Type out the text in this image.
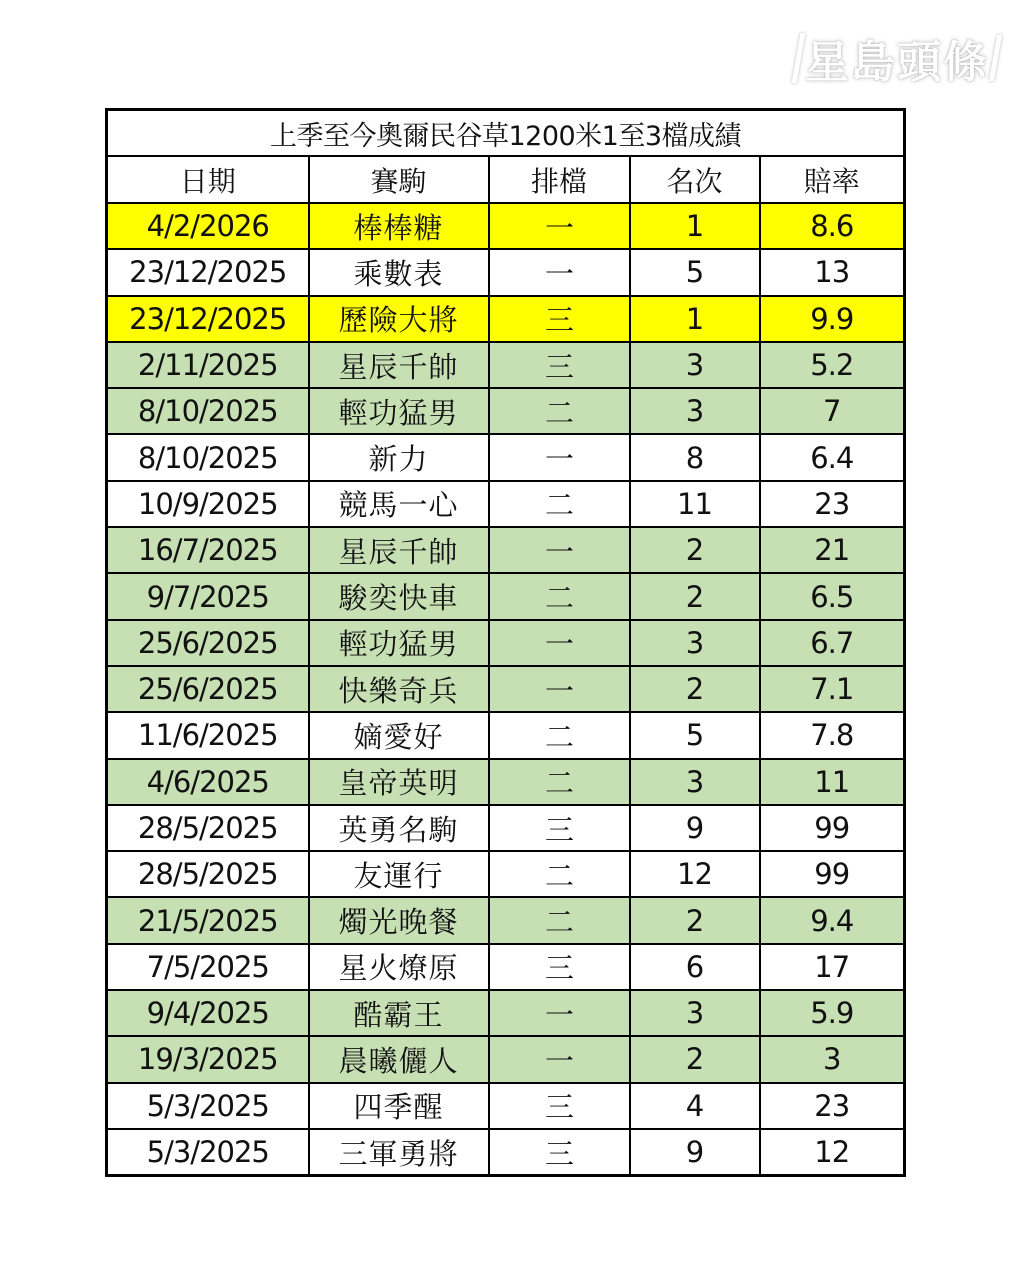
星島頭條
上季至今奧爾民谷草1200米1至3檔成績				
日期	賽駒	排檔	名次	賠率
4/2/2026	棒棒糖	一	1	8.6
23/12/2025	乘數表	一	5	13
23/12/2025	歷險大將	三	1	9.9
2/11/2025	星辰千帥	三	3	5.2
8/10/2025	輕功猛男	二	3	7
8/10/2025	新力	一	8	6.4
10/9/2025	競馬一心	二	11	23
16/7/2025	星辰千帥	一	2	21
9/7/2025	駿奕快車	二	2	6.5
25/6/2025	輕功猛男	一	3	6.7
25/6/2025	快樂奇兵	一	2	7.1
11/6/2025	嫡愛好	二	5	7.8
4/6/2025	皇帝英明	二	3	11
28/5/2025	英勇名駒	三	9	99
28/5/2025	友運行	二	12	99
21/5/2025	燭光晚餐	二	2	9.4
7/5/2025	星火燎原	三	6	17
9/4/2025	酷霸王	一	3	5.9
19/3/2025	晨曦儷人	一	2	3
5/3/2025	四季醒	三	4	23
5/3/2025	三軍勇將	三	9	12
